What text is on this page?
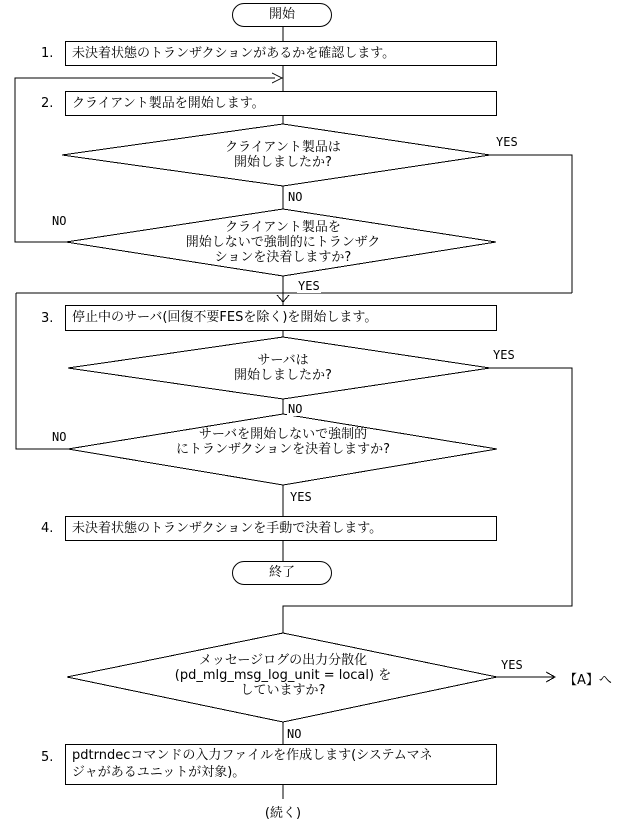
開始
終了
1.	未決着状態のトランザクションがあるかを確認します。
2.	クライアント製品を開始します。
クライアント製品は
開始しましたか?
YES
NO
クライアント製品を
開始しないで強制的にトランザク
ションを決着しますか?
NO
YES
3.	停止中のサーバ(回復不要FESを除く)を開始します。
サーバは
開始しましたか?
YES
NO
サーバを開始しないで強制的
にトランザクションを決着しますか?
NO
YES
4.	未決着状態のトランザクションを手動で決着します。
メッセージログの出力分散化
(pd_mlg_msg_log_unit = local) を
していますか?
YES
【A】へ
NO
5.	pdtrndecコマンドの入力ファイルを作成します(システムマネ
ジャがあるユニットが対象)。
(続く)
